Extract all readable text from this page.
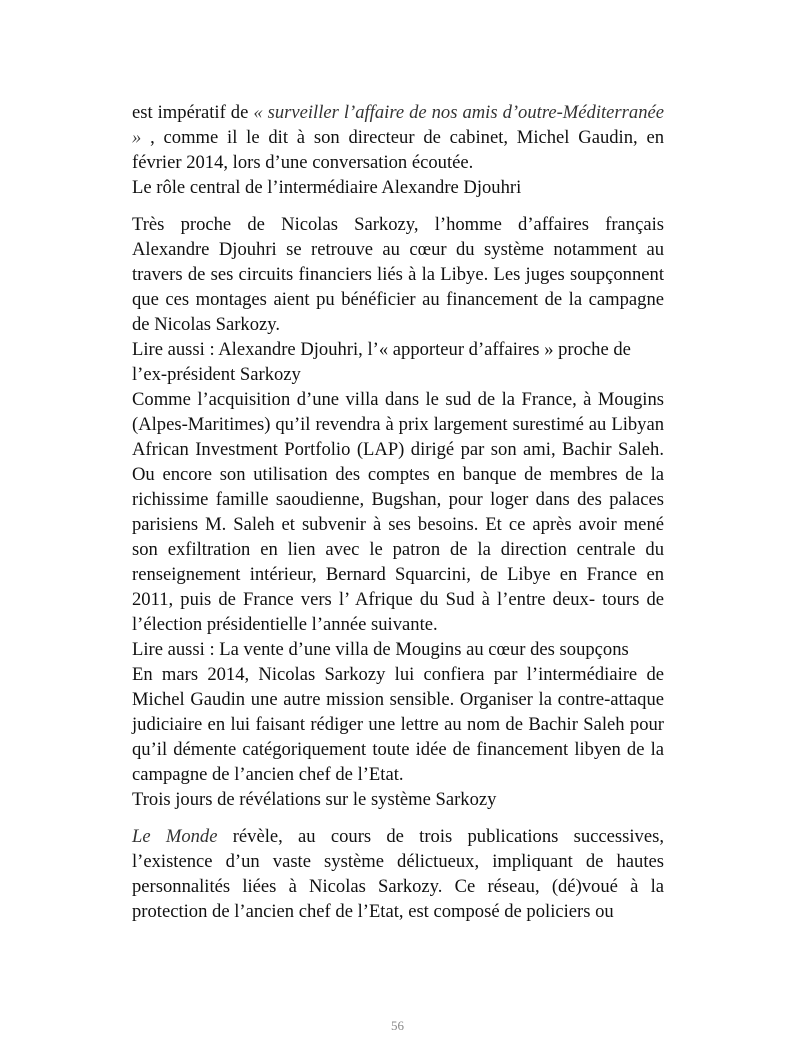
est impératif de « surveiller l’affaire de nos amis d’outre-Méditerranée » , comme il le dit à son directeur de cabinet, Michel Gaudin, en février 2014, lors d’une conversation écoutée.

Le rôle central de l’intermédiaire Alexandre Djouhri

Très proche de Nicolas Sarkozy, l’homme d’affaires français Alexandre Djouhri se retrouve au cœur du système notamment au travers de ses circuits financiers liés à la Libye. Les juges soupçonnent que ces montages aient pu bénéficier au financement de la campagne de Nicolas Sarkozy.

Lire aussi : Alexandre Djouhri, l’« apporteur d’affaires » proche de l’ex-président Sarkozy

Comme l’acquisition d’une villa dans le sud de la France, à Mougins (Alpes-Maritimes) qu’il revendra à prix largement surestimé au Libyan African Investment Portfolio (LAP) dirigé par son ami, Bachir Saleh. Ou encore son utilisation des comptes en banque de membres de la richissime famille saoudienne, Bugshan, pour loger dans des palaces parisiens M. Saleh et subvenir à ses besoins. Et ce après avoir mené son exfiltration en lien avec le patron de la direction centrale du renseignement intérieur, Bernard Squarcini, de Libye en France en 2011, puis de France vers l’ Afrique du Sud à l’entre deux- tours de l’élection présidentielle l’année suivante.

Lire aussi : La vente d’une villa de Mougins au cœur des soupçons

En mars 2014, Nicolas Sarkozy lui confiera par l’intermédiaire de Michel Gaudin une autre mission sensible. Organiser la contre-attaque judiciaire en lui faisant rédiger une lettre au nom de Bachir Saleh pour qu’il démente catégoriquement toute idée de financement libyen de la campagne de l’ancien chef de l’Etat.

Trois jours de révélations sur le système Sarkozy

Le Monde révèle, au cours de trois publications successives, l’existence d’un vaste système délictueux, impliquant de hautes personnalités liées à Nicolas Sarkozy. Ce réseau, (dé)voué à la protection de l’ancien chef de l’Etat, est composé de policiers ou

56
